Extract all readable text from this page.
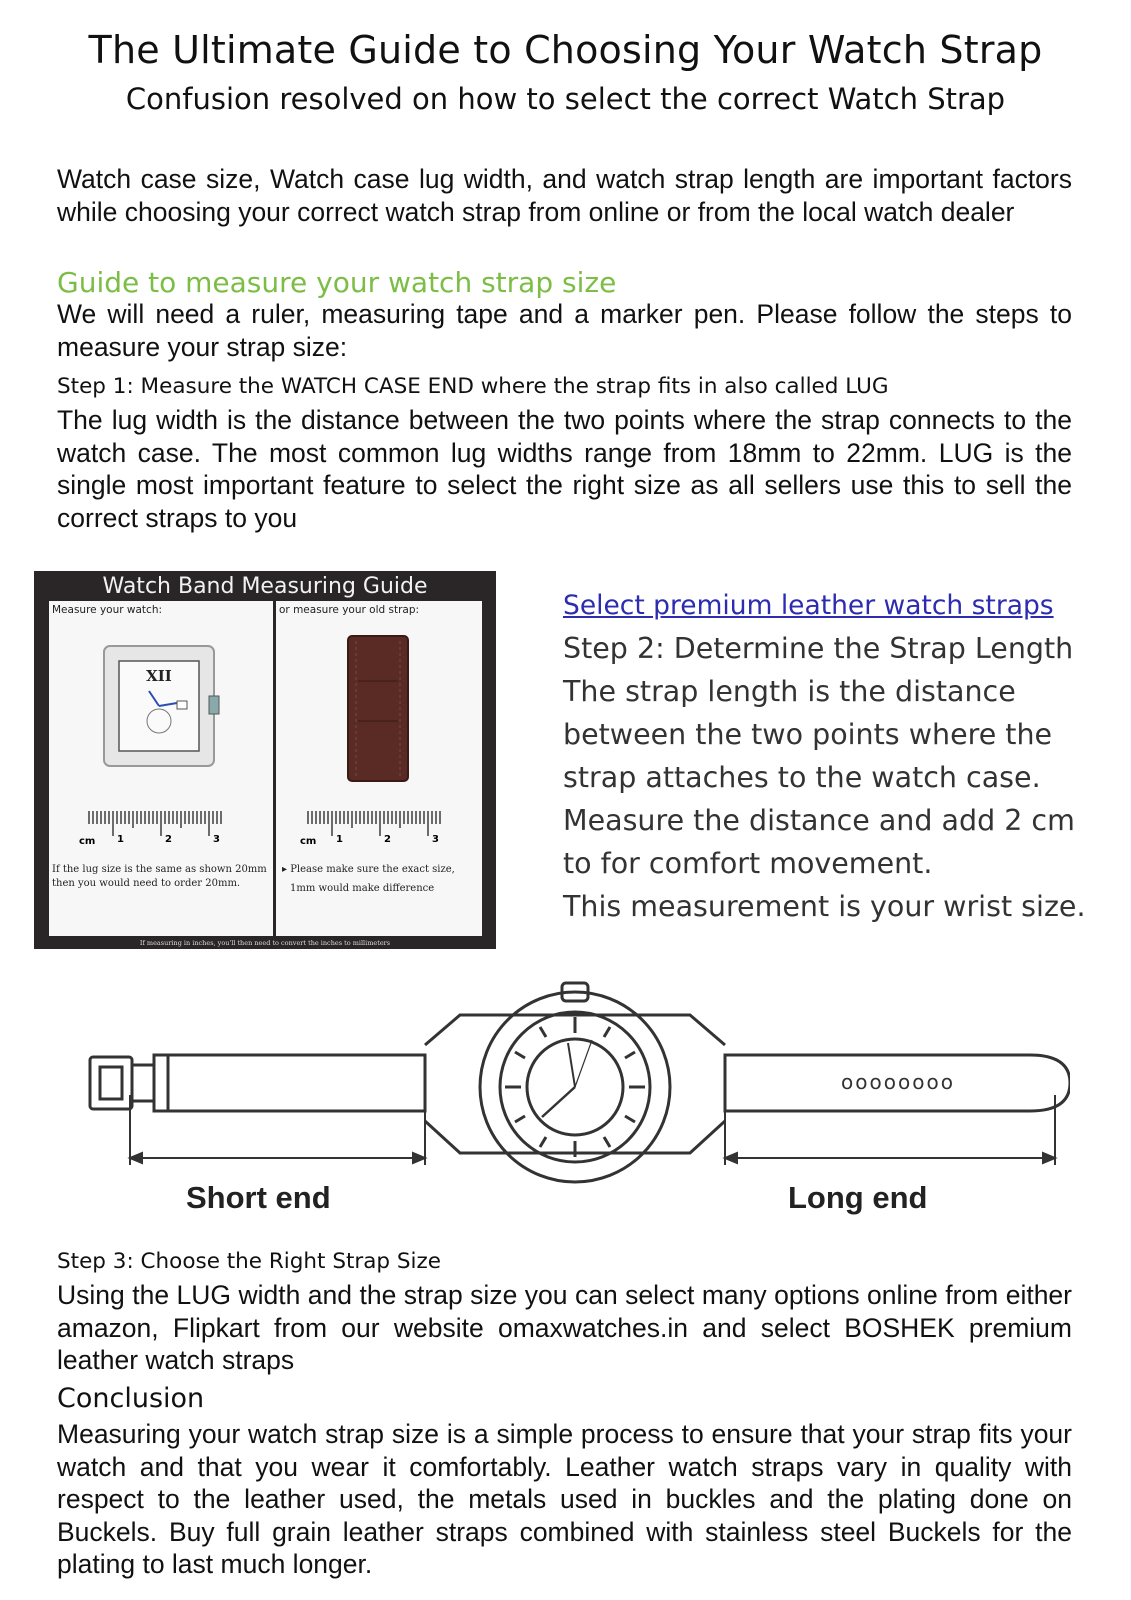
The Ultimate Guide to Choosing Your Watch Strap
Confusion resolved on how to select the correct Watch Strap
Watch case size, Watch case lug width, and watch strap length are important factors while choosing your correct watch strap from online or from the local watch dealer
Guide to measure your watch strap size
We will need a ruler, measuring tape and a marker pen. Please follow the steps to measure your strap size:
Step 1: Measure the WATCH CASE END where the strap fits in also called LUG
The lug width is the distance between the two points where the strap connects to the watch case. The most common lug widths range from 18mm to 22mm. LUG is the single most important feature to select the right size as all sellers use this to sell the correct straps to you
Watch Band Measuring Guide
Measure your watch:
XII
cm 1	2	3
If the lug size is the same as shown 20mm then you would need to order 20mm.
or measure your old strap:
cm 1	2	3
▸ Please make sure the exact size,
1mm would make difference
If measuring in inches, you'll then need to convert the inches to millimeters
Select premium leather watch straps
Step 2: Determine the Strap Length
The strap length is the distance
between the two points where the
strap attaches to the watch case.
Measure the distance and add 2 cm
to for comfort movement.
This measurement is your wrist size.
oooooooo
Short end	Long end
Step 3: Choose the Right Strap Size
Using the LUG width and the strap size you can select many options online from either amazon, Flipkart from our website omaxwatches.in and select BOSHEK premium leather watch straps
Conclusion
Measuring your watch strap size is a simple process to ensure that your strap fits your watch and that you wear it comfortably. Leather watch straps vary in quality with respect to the leather used, the metals used in buckles and the plating done on Buckels. Buy full grain leather straps combined with stainless steel Buckels for the plating to last much longer.
